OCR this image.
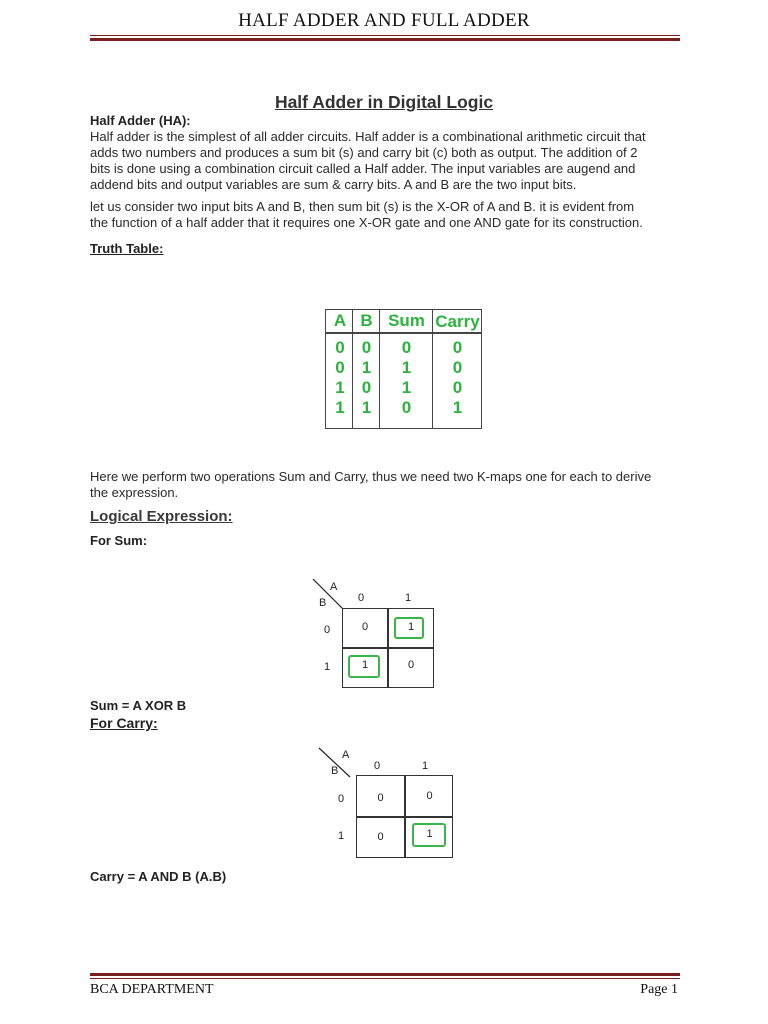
HALF ADDER AND FULL ADDER
Half Adder in Digital Logic
Half Adder (HA):
Half adder is the simplest of all adder circuits. Half adder is a combinational arithmetic circuit that
adds two numbers and produces a sum bit (s) and carry bit (c) both as output. The addition of 2
bits is done using a combination circuit called a Half adder. The input variables are augend and
addend bits and output variables are sum & carry bits. A and B are the two input bits.
let us consider two input bits A and B, then sum bit (s) is the X-OR of A and B. it is evident from
the function of a half adder that it requires one X-OR gate and one AND gate for its construction.
Truth Table:
A B Sum Carry
0	0	0	0
0	1	1	0
1	0	1	0
1	1	0	1
Here we perform two operations Sum and Carry, thus we need two K-maps one for each to derive
the expression.
Logical Expression:
For Sum:
A
B	0	1
0
1
0	1
1	0
Sum = A XOR B
For Carry:
A
B	0	1
0
1
0	0
0	1
Carry = A AND B (A.B)
BCA DEPARTMENT	Page 1
